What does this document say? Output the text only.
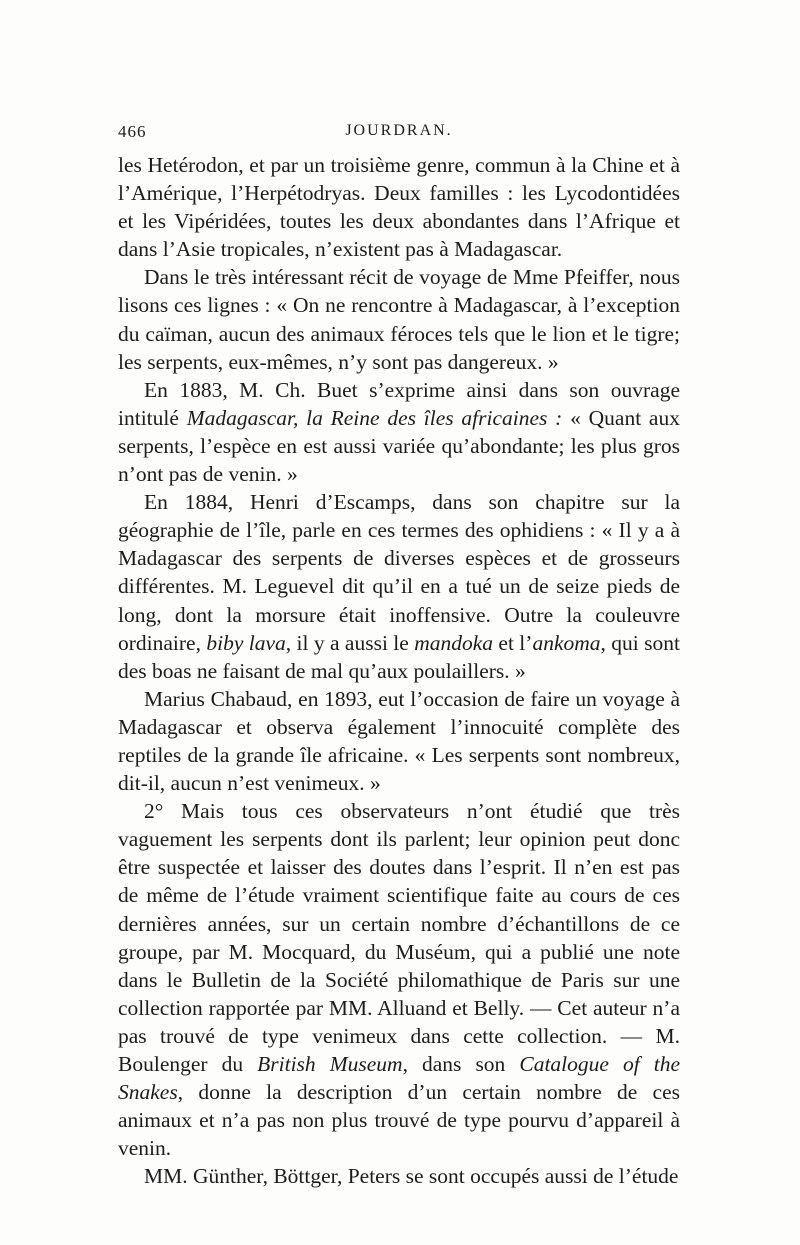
466	JOURDRAN.

les Hetérodon, et par un troisième genre, commun à la Chine et à l’Amérique, l’Herpétodryas. Deux familles : les Lycodontidées et les Vipéridées, toutes les deux abondantes dans l’Afrique et dans l’Asie tropicales, n’existent pas à Madagascar.

Dans le très intéressant récit de voyage de Mme Pfeiffer, nous lisons ces lignes : « On ne rencontre à Madagascar, à l’exception du caïman, aucun des animaux féroces tels que le lion et le tigre; les serpents, eux-mêmes, n’y sont pas dangereux. »

En 1883, M. Ch. Buet s’exprime ainsi dans son ouvrage intitulé Madagascar, la Reine des îles africaines : « Quant aux serpents, l’espèce en est aussi variée qu’abondante; les plus gros n’ont pas de venin. »

En 1884, Henri d’Escamps, dans son chapitre sur la géographie de l’île, parle en ces termes des ophidiens : « Il y a à Madagascar des serpents de diverses espèces et de grosseurs différentes. M. Leguevel dit qu’il en a tué un de seize pieds de long, dont la morsure était inoffensive. Outre la couleuvre ordinaire, biby lava, il y a aussi le mandoka et l’ankoma, qui sont des boas ne faisant de mal qu’aux poulaillers. »

Marius Chabaud, en 1893, eut l’occasion de faire un voyage à Madagascar et observa également l’innocuité complète des reptiles de la grande île africaine. « Les serpents sont nombreux, dit-il, aucun n’est venimeux. »

2° Mais tous ces observateurs n’ont étudié que très vaguement les serpents dont ils parlent; leur opinion peut donc être suspectée et laisser des doutes dans l’esprit. Il n’en est pas de même de l’étude vraiment scientifique faite au cours de ces dernières années, sur un certain nombre d’échantillons de ce groupe, par M. Mocquard, du Muséum, qui a publié une note dans le Bulletin de la Société philomathique de Paris sur une collection rapportée par MM. Alluand et Belly. — Cet auteur n’a pas trouvé de type venimeux dans cette collection. — M. Boulenger du British Museum, dans son Catalogue of the Snakes, donne la description d’un certain nombre de ces animaux et n’a pas non plus trouvé de type pourvu d’appareil à venin.

MM. Günther, Böttger, Peters se sont occupés aussi de l’étude
